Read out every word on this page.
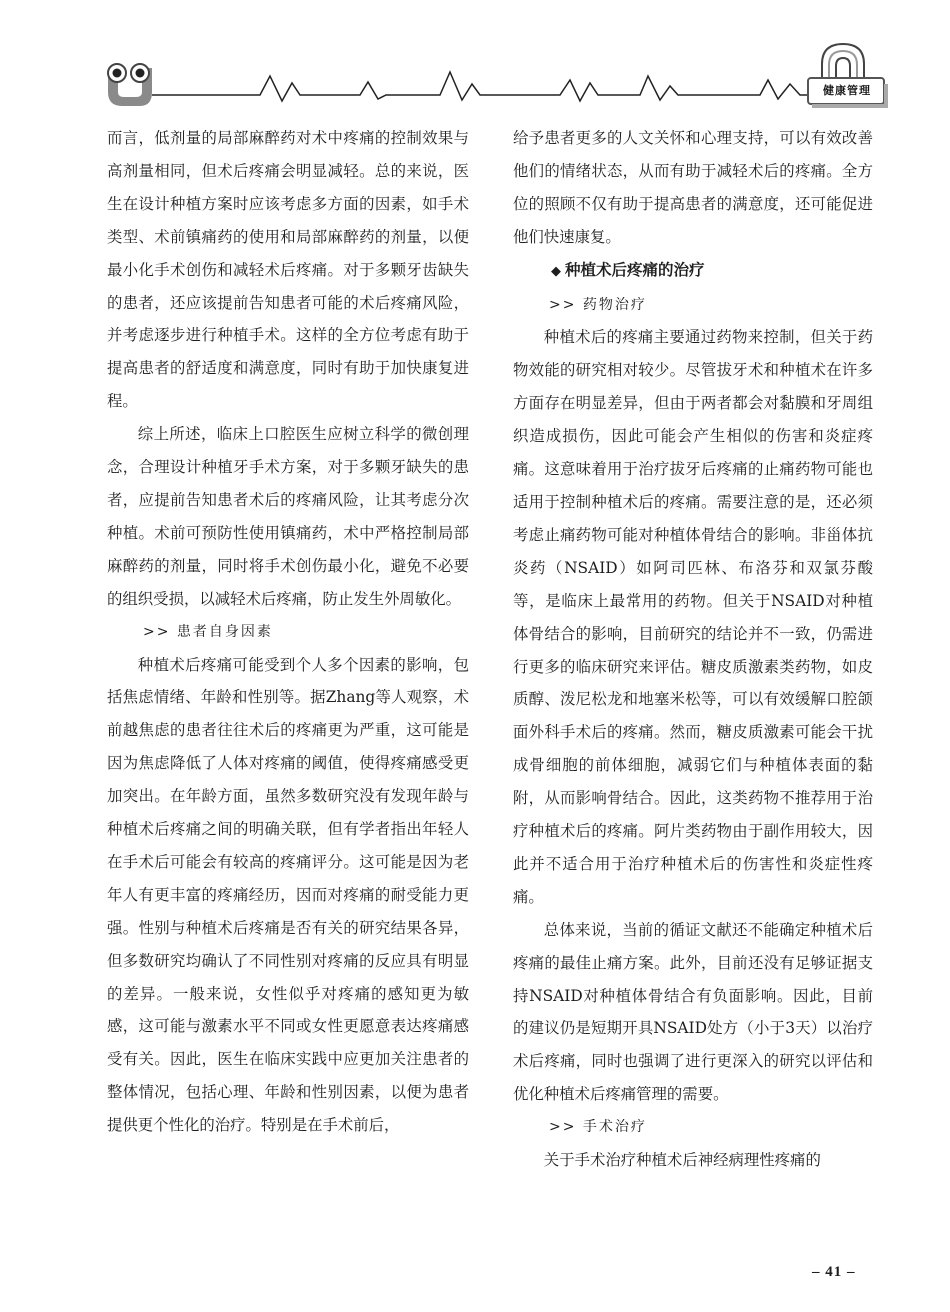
健康管理

而言，低剂量的局部麻醉药对术中疼痛的控制效果与高剂量相同，但术后疼痛会明显减轻。总的来说，医生在设计种植方案时应该考虑多方面的因素，如手术类型、术前镇痛药的使用和局部麻醉药的剂量，以便最小化手术创伤和减轻术后疼痛。对于多颗牙齿缺失的患者，还应该提前告知患者可能的术后疼痛风险，并考虑逐步进行种植手术。这样的全方位考虑有助于提高患者的舒适度和满意度，同时有助于加快康复进程。

综上所述，临床上口腔医生应树立科学的微创理念，合理设计种植牙手术方案，对于多颗牙缺失的患者，应提前告知患者术后的疼痛风险，让其考虑分次种植。术前可预防性使用镇痛药，术中严格控制局部麻醉药的剂量，同时将手术创伤最小化，避免不必要的组织受损，以减轻术后疼痛，防止发生外周敏化。

>> 患者自身因素

种植术后疼痛可能受到个人多个因素的影响，包括焦虑情绪、年龄和性别等。据Zhang等人观察，术前越焦虑的患者往往术后的疼痛更为严重，这可能是因为焦虑降低了人体对疼痛的阈值，使得疼痛感受更加突出。在年龄方面，虽然多数研究没有发现年龄与种植术后疼痛之间的明确关联，但有学者指出年轻人在手术后可能会有较高的疼痛评分。这可能是因为老年人有更丰富的疼痛经历，因而对疼痛的耐受能力更强。性别与种植术后疼痛是否有关的研究结果各异，但多数研究均确认了不同性别对疼痛的反应具有明显的差异。一般来说，女性似乎对疼痛的感知更为敏感，这可能与激素水平不同或女性更愿意表达疼痛感受有关。因此，医生在临床实践中应更加关注患者的整体情况，包括心理、年龄和性别因素，以便为患者提供更个性化的治疗。特别是在手术前后，

给予患者更多的人文关怀和心理支持，可以有效改善他们的情绪状态，从而有助于减轻术后的疼痛。全方位的照顾不仅有助于提高患者的满意度，还可能促进他们快速康复。

◆ 种植术后疼痛的治疗

>> 药物治疗

种植术后的疼痛主要通过药物来控制，但关于药物效能的研究相对较少。尽管拔牙术和种植术在许多方面存在明显差异，但由于两者都会对黏膜和牙周组织造成损伤，因此可能会产生相似的伤害和炎症疼痛。这意味着用于治疗拔牙后疼痛的止痛药物可能也适用于控制种植术后的疼痛。需要注意的是，还必须考虑止痛药物可能对种植体骨结合的影响。非甾体抗炎药（NSAID）如阿司匹林、布洛芬和双氯芬酸等，是临床上最常用的药物。但关于NSAID对种植体骨结合的影响，目前研究的结论并不一致，仍需进行更多的临床研究来评估。糖皮质激素类药物，如皮质醇、泼尼松龙和地塞米松等，可以有效缓解口腔颌面外科手术后的疼痛。然而，糖皮质激素可能会干扰成骨细胞的前体细胞，减弱它们与种植体表面的黏附，从而影响骨结合。因此，这类药物不推荐用于治疗种植术后的疼痛。阿片类药物由于副作用较大，因此并不适合用于治疗种植术后的伤害性和炎症性疼痛。

总体来说，当前的循证文献还不能确定种植术后疼痛的最佳止痛方案。此外，目前还没有足够证据支持NSAID对种植体骨结合有负面影响。因此，目前的建议仍是短期开具NSAID处方（小于3天）以治疗术后疼痛，同时也强调了进行更深入的研究以评估和优化种植术后疼痛管理的需要。

>> 手术治疗

关于手术治疗种植术后神经病理性疼痛的

– 41 –
